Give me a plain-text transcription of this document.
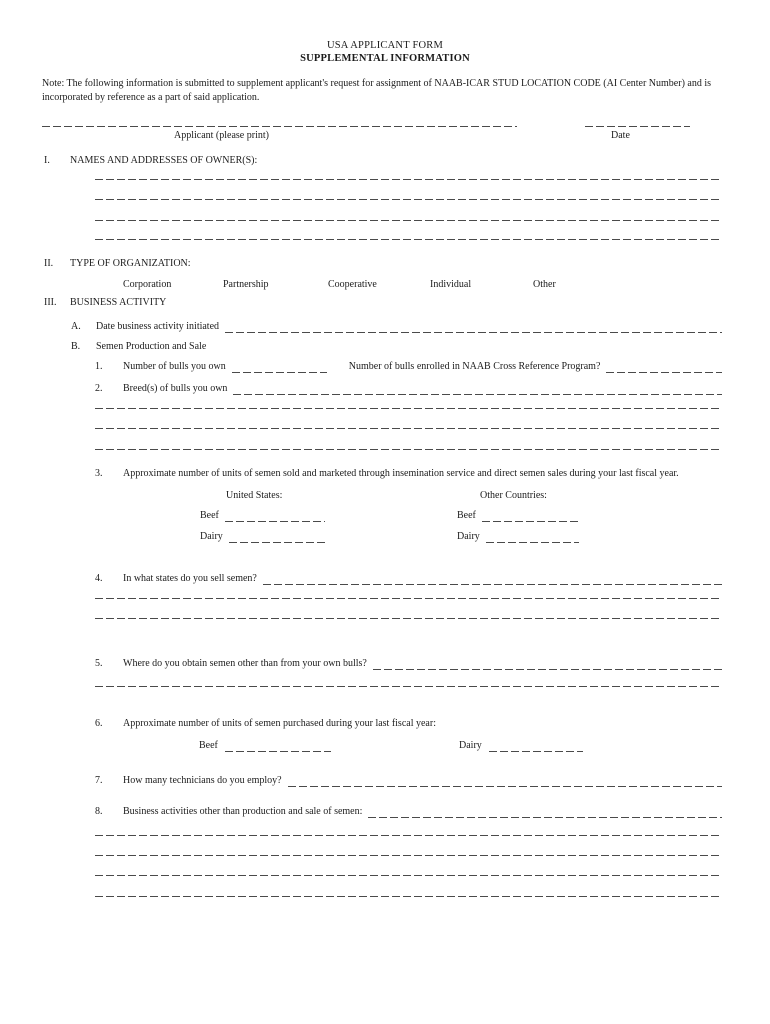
USA APPLICANT FORM
SUPPLEMENTAL INFORMATION
Note: The following information is submitted to supplement applicant's request for assignment of NAAB-ICAR STUD LOCATION CODE (AI Center Number) and is
incorporated by reference as a part of said application.
Applicant (please print)	Date
I.	NAMES AND ADDRESSES OF OWNER(S):
II.	TYPE OF ORGANIZATION:
Corporation	Partnership	Cooperative	Individual	Other
III.	BUSINESS ACTIVITY
A.	Date business activity initiated
B.	Semen Production and Sale
1.	Number of bulls you own	Number of bulls enrolled in NAAB Cross Reference Program?
2.	Breed(s) of bulls you own
3.	Approximate number of units of semen sold and marketed through insemination service and direct semen sales during your last fiscal year.
United States:	Other Countries:
Beef	Beef
Dairy	Dairy
4.	In what states do you sell semen?
5.	Where do you obtain semen other than from your own bulls?
6.	Approximate number of units of semen purchased during your last fiscal year:
Beef	Dairy
7.	How many technicians do you employ?
8.	Business activities other than production and sale of semen:
